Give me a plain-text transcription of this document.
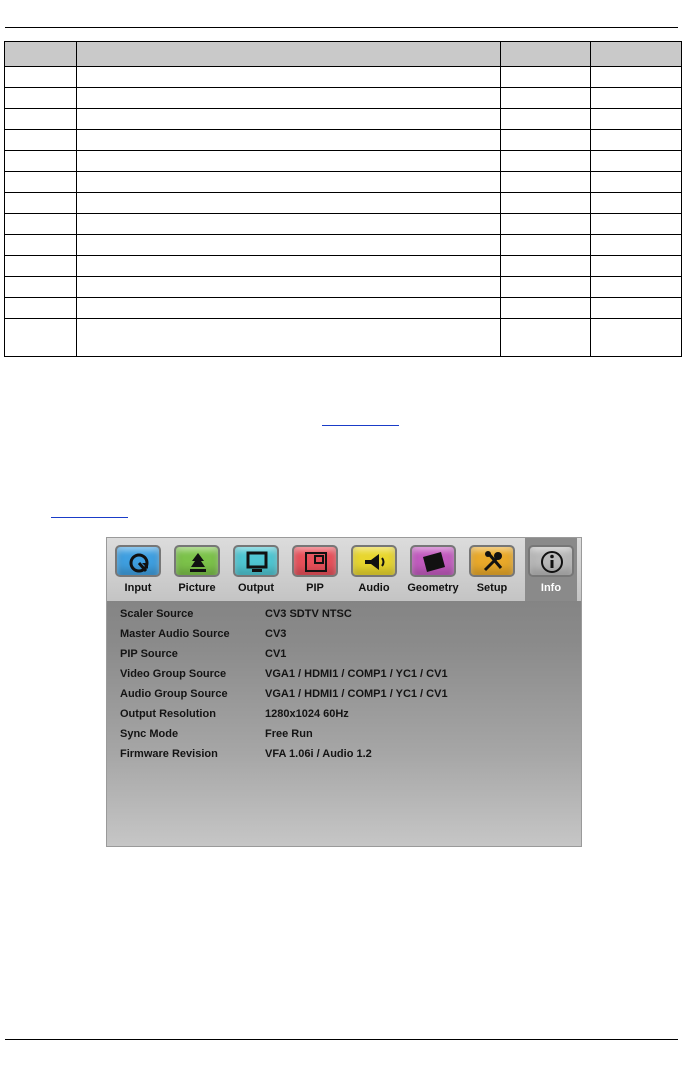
Input	Picture	Output	PIP	Audio	Geometry	Setup	Info
Scaler Source	CV3 SDTV NTSC
Master Audio Source	CV3
PIP Source	CV1
Video Group Source	VGA1 / HDMI1 / COMP1 / YC1 / CV1
Audio Group Source	VGA1 / HDMI1 / COMP1 / YC1 / CV1
Output Resolution	1280x1024 60Hz
Sync Mode	Free Run
Firmware Revision	VFA 1.06i / Audio 1.2
